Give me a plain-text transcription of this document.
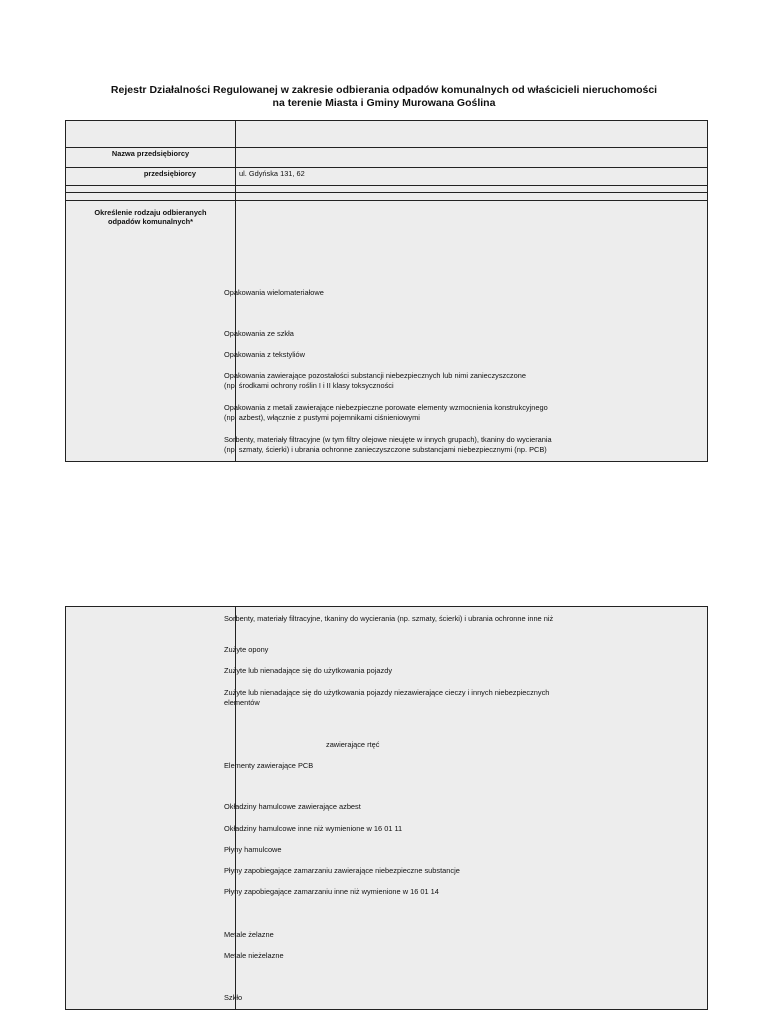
Rejestr Działalności Regulowanej w zakresie odbierania odpadów komunalnych od właścicieli nieruchomości
na terenie Miasta i Gminy Murowana Goślina
Nazwa przedsiębiorcy
przedsiębiorcy	ul. Gdyńska 131, 62
Określenie rodzaju odbieranych
odpadów komunalnych*
Opakowania wielomateriałowe
Opakowania ze szkła
Opakowania z tekstyliów
Opakowania zawierające pozostałości substancji niebezpiecznych lub nimi zanieczyszczone
(np. środkami ochrony roślin I i II klasy toksyczności
Opakowania z metali zawierające niebezpieczne porowate elementy wzmocnienia konstrukcyjnego
(np. azbest), włącznie z pustymi pojemnikami ciśnieniowymi
Sorbenty, materiały filtracyjne (w tym filtry olejowe nieujęte w innych grupach), tkaniny do wycierania
(np. szmaty, ścierki) i ubrania ochronne zanieczyszczone substancjami niebezpiecznymi (np. PCB)
Sorbenty, materiały filtracyjne, tkaniny do wycierania (np. szmaty, ścierki) i ubrania ochronne inne niż
Zużyte opony
Zużyte lub nienadające się do użytkowania pojazdy
Zużyte lub nienadające się do użytkowania pojazdy niezawierające cieczy i innych niebezpiecznych
elementów
zawierające rtęć
Elementy zawierające PCB
Okładziny hamulcowe zawierające azbest
Okładziny hamulcowe inne niż wymienione w 16 01 11
Płyny hamulcowe
Płyny zapobiegające zamarzaniu zawierające niebezpieczne substancje
Płyny zapobiegające zamarzaniu inne niż wymienione w 16 01 14
Metale żelazne
Metale nieżelazne
Szkło
